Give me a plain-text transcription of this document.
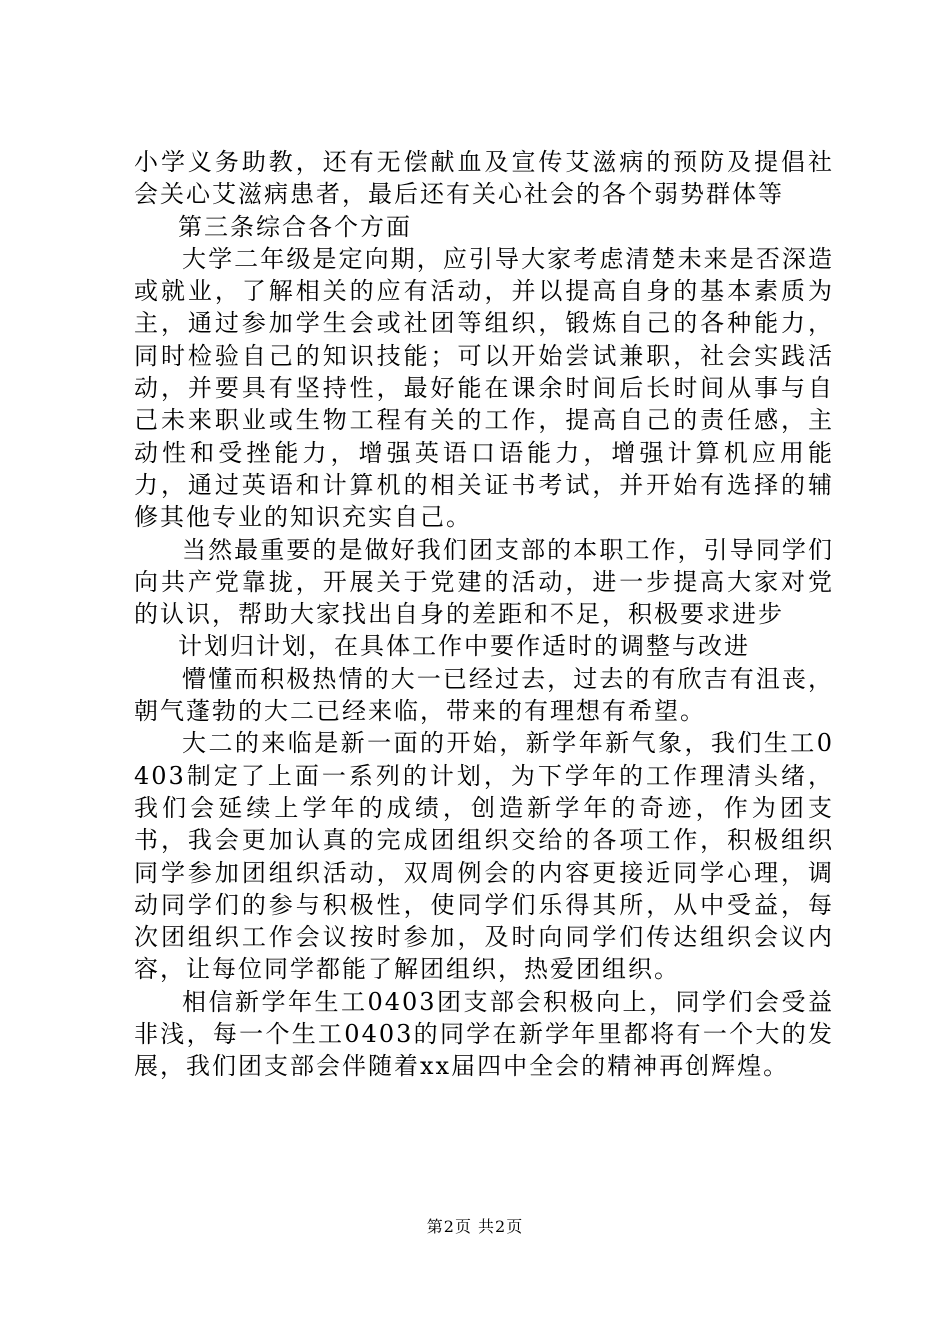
小学义务助教，还有无偿献血及宣传艾滋病的预防及提倡社会关心艾滋病患者，最后还有关心社会的各个弱势群体等

第三条综合各个方面

大学二年级是定向期，应引导大家考虑清楚未来是否深造或就业，了解相关的应有活动，并以提高自身的基本素质为主，通过参加学生会或社团等组织，锻炼自己的各种能力，同时检验自己的知识技能；可以开始尝试兼职，社会实践活动，并要具有坚持性，最好能在课余时间后长时间从事与自己未来职业或生物工程有关的工作，提高自己的责任感，主动性和受挫能力，增强英语口语能力，增强计算机应用能力，通过英语和计算机的相关证书考试，并开始有选择的辅修其他专业的知识充实自己。

当然最重要的是做好我们团支部的本职工作，引导同学们向共产党靠拢，开展关于党建的活动，进一步提高大家对党的认识，帮助大家找出自身的差距和不足，积极要求进步

计划归计划，在具体工作中要作适时的调整与改进

懵懂而积极热情的大一已经过去，过去的有欣吉有沮丧，朝气蓬勃的大二已经来临，带来的有理想有希望。

大二的来临是新一面的开始，新学年新气象，我们生工0403制定了上面一系列的计划，为下学年的工作理清头绪，我们会延续上学年的成绩，创造新学年的奇迹，作为团支书，我会更加认真的完成团组织交给的各项工作，积极组织同学参加团组织活动，双周例会的内容更接近同学心理，调动同学们的参与积极性，使同学们乐得其所，从中受益，每次团组织工作会议按时参加，及时向同学们传达组织会议内容，让每位同学都能了解团组织，热爱团组织。

相信新学年生工0403团支部会积极向上，同学们会受益非浅，每一个生工0403的同学在新学年里都将有一个大的发展，我们团支部会伴随着xx届四中全会的精神再创辉煌。

第2页 共2页
